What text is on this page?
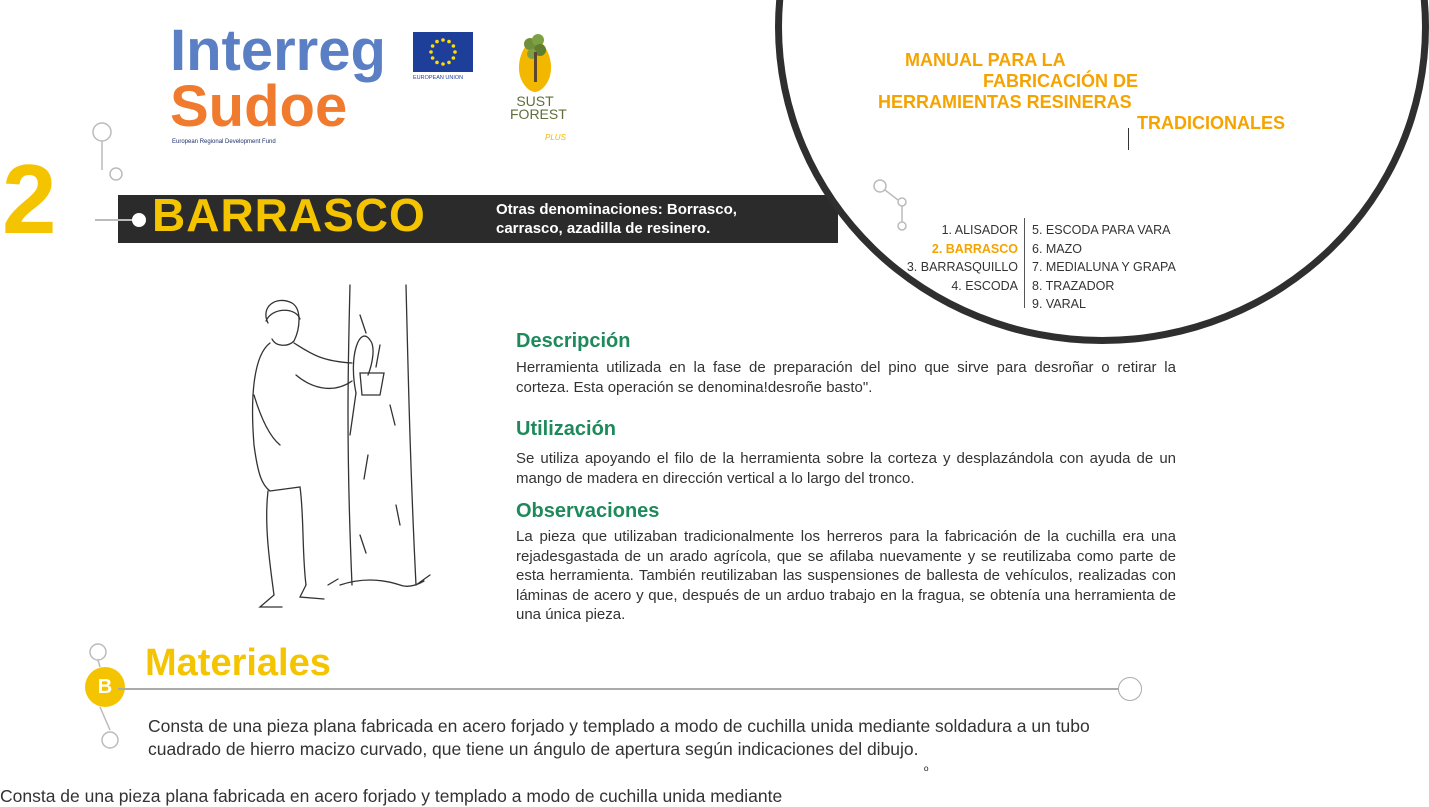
Interreg
Sudoe
European Regional Development Fund
EUROPEAN UNION
SUST
FOREST
PLUS
2 BARRASCO	Otras denominaciones: Borrasco,
carrasco, azadilla de resinero.
MANUAL PARA LA
FABRICACIÓN DE
HERRAMIENTAS RESINERAS
TRADICIONALES
1. ALISADOR
2. BARRASCO
3. BARRASQUILLO
4. ESCODA
5. ESCODA PARA VARA
6. MAZO
7. MEDIALUNA Y GRAPA
8. TRAZADOR
9. VARAL
Descripción
Herramienta utilizada en la fase de preparación del pino que sirve para desroñar o retirar la corteza. Esta operación se denomina!desroñe basto".
Utilización
Se utiliza apoyando el filo de la herramienta sobre la corteza y desplazándola con ayuda de un mango de madera en dirección vertical a lo largo del tronco.
Observaciones
La pieza que utilizaban tradicionalmente los herreros para la fabricación de la cuchilla era una rejadesgastada de un arado agrícola, que se afilaba nuevamente y se reutilizaba como parte de esta herramienta. También reutilizaban las suspensiones de ballesta de vehículos, realizadas con láminas de acero y que, después de un arduo trabajo en la fragua, se obtenía una herramienta de una única pieza.
B
Materiales
Consta de una pieza plana fabricada en acero forjado y templado a modo de cuchilla unida mediante soldadura a un tubo cuadrado de hierro macizo curvado, que tiene un ángulo de apertura según indicaciones del dibujo.
º
Consta de una pieza plana fabricada en acero forjado y templado a modo de cuchilla unida mediante
